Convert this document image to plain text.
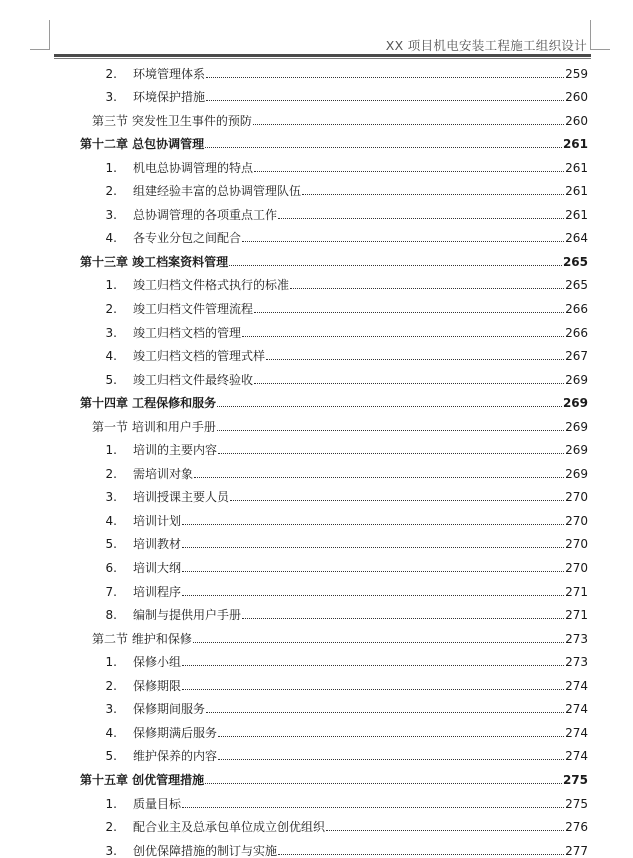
XX 项目机电安装工程施工组织设计
2. 环境管理体系	259
3. 环境保护措施	260
第三节 突发性卫生事件的预防	260
第十二章 总包协调管理	261
1. 机电总协调管理的特点	261
2. 组建经验丰富的总协调管理队伍	261
3. 总协调管理的各项重点工作	261
4. 各专业分包之间配合	264
第十三章 竣工档案资料管理	265
1. 竣工归档文件格式执行的标准	265
2. 竣工归档文件管理流程	266
3. 竣工归档文档的管理	266
4. 竣工归档文档的管理式样	267
5. 竣工归档文件最终验收	269
第十四章 工程保修和服务	269
第一节 培训和用户手册	269
1. 培训的主要内容	269
2. 需培训对象	269
3. 培训授课主要人员	270
4. 培训计划	270
5. 培训教材	270
6. 培训大纲	270
7. 培训程序	271
8. 编制与提供用户手册	271
第二节 维护和保修	273
1. 保修小组	273
2. 保修期限	274
3. 保修期间服务	274
4. 保修期满后服务	274
5. 维护保养的内容	274
第十五章 创优管理措施	275
1. 质量目标	275
2. 配合业主及总承包单位成立创优组织	276
3. 创优保障措施的制订与实施	277
